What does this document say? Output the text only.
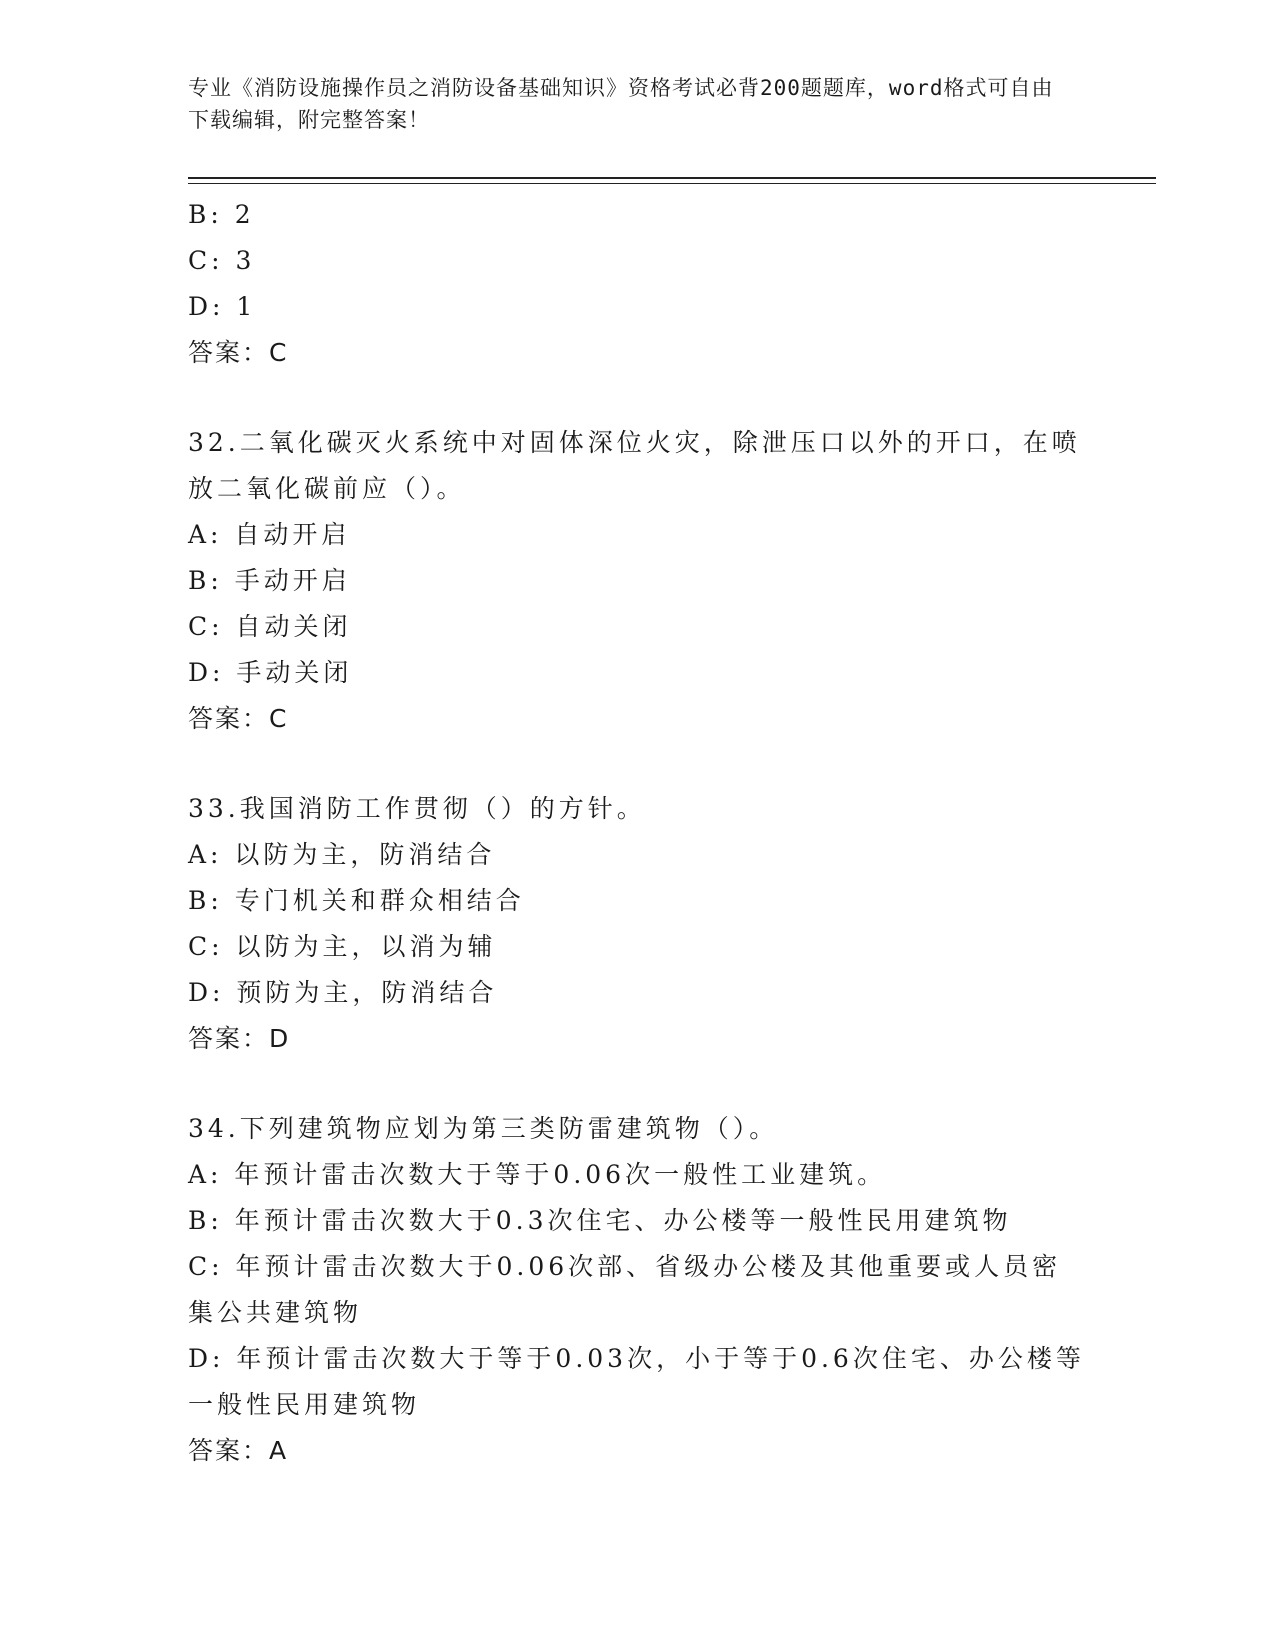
专业《消防设施操作员之消防设备基础知识》资格考试必背200题题库，word格式可自由下载编辑，附完整答案！
B: 2
C: 3
D: 1
答案：C
32.二氧化碳灭火系统中对固体深位火灾，除泄压口以外的开口，在喷放二氧化碳前应（）。
A: 自动开启
B: 手动开启
C: 自动关闭
D: 手动关闭
答案：C
33.我国消防工作贯彻（）的方针。
A: 以防为主，防消结合
B: 专门机关和群众相结合
C: 以防为主，以消为辅
D: 预防为主，防消结合
答案：D
34.下列建筑物应划为第三类防雷建筑物（）。
A: 年预计雷击次数大于等于0.06次一般性工业建筑。
B: 年预计雷击次数大于0.3次住宅、办公楼等一般性民用建筑物
C: 年预计雷击次数大于0.06次部、省级办公楼及其他重要或人员密集公共建筑物
D: 年预计雷击次数大于等于0.03次，小于等于0.6次住宅、办公楼等一般性民用建筑物
答案：A
